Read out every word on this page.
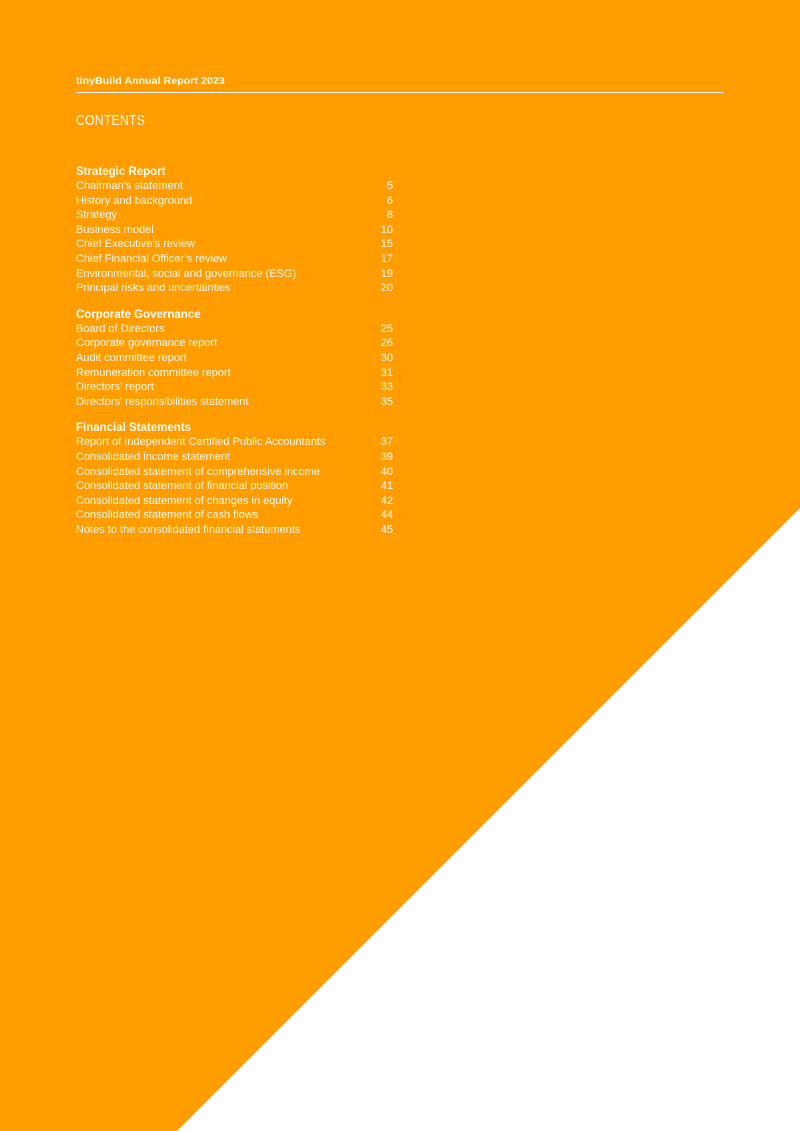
tinyBuild Annual Report 2023
CONTENTS
Strategic Report
Chairman’s statement	5
History and background	6
Strategy	8
Business model	10
Chief Executive’s review	15
Chief Financial Officer’s review	17
Environmental, social and governance (ESG)	19
Principal risks and uncertainties	20
Corporate Governance
Board of Directors	25
Corporate governance report	26
Audit committee report	30
Remuneration committee report	31
Directors’ report	33
Directors’ responsibilities statement	35
Financial Statements
Report of Independent Certified Public Accountants	37
Consolidated income statement	39
Consolidated statement of comprehensive income	40
Consolidated statement of financial position	41
Consolidated statement of changes in equity	42
Consolidated statement of cash flows	44
Notes to the consolidated financial statements	45
